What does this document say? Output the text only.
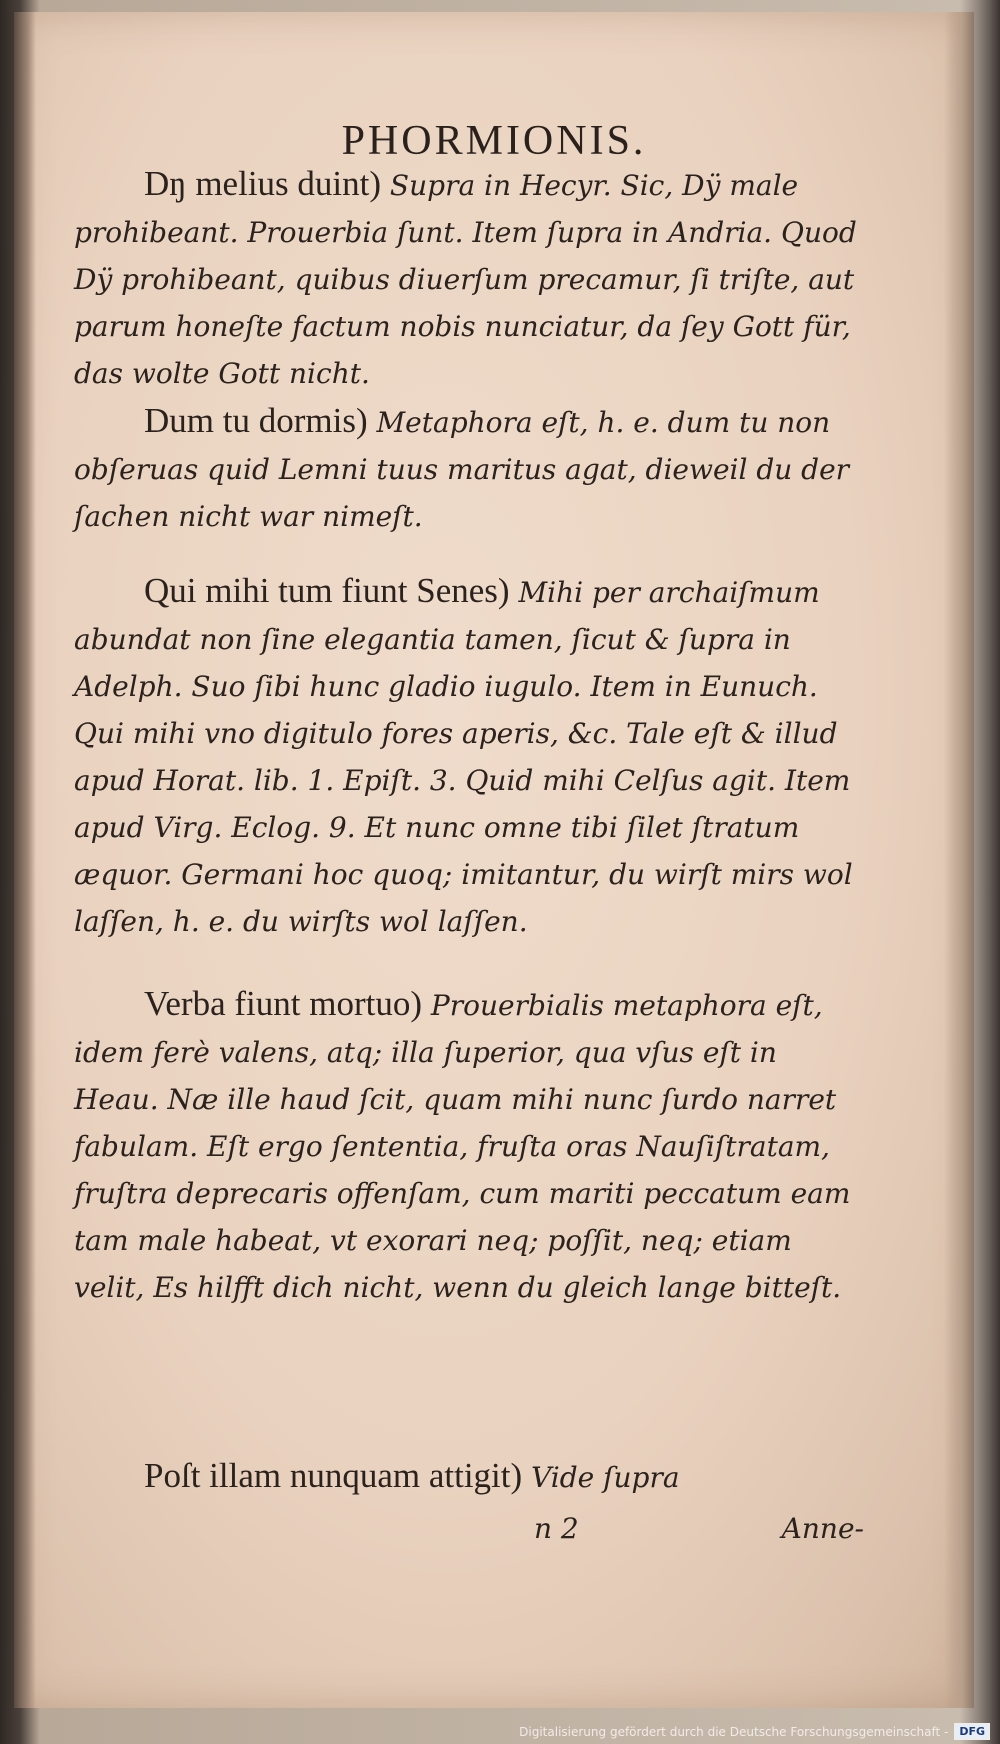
PHORMIONIS.

Dŋ melius duint) Supra in Hecyr. Sic, Dÿ male prohibeant. Prouerbia ſunt. Item ſupra in Andria. Quod Dÿ prohibeant, quibus diuerſum precamur, ſi triſte, aut parum honeſte factum nobis nunciatur, da ſey Gott für, das wolte Gott nicht.

Dum tu dormis) Metaphora eſt, h. e. dum tu non obſeruas quid Lemni tuus maritus agat, dieweil du der ſachen nicht war nimeſt.

Qui mihi tum fiunt Senes) Mihi per archaiſmum abundat non ſine elegantia tamen, ſicut & ſupra in Adelph. Suo ſibi hunc gladio iugulo. Item in Eunuch. Qui mihi vno digitulo fores aperis, &c. Tale eſt & illud apud Horat. lib. 1. Epiſt. 3. Quid mihi Celſus agit. Item apud Virg. Eclog. 9. Et nunc omne tibi ſilet ſtratum æquor. Germani hoc quoq; imitantur, du wirſt mirs wol laſſen, h. e. du wirſts wol laſſen.

Verba fiunt mortuo) Prouerbialis metaphora eſt, idem ferè valens, atq; illa ſuperior, qua vſus eſt in Heau. Næ ille haud ſcit, quam mihi nunc ſurdo narret fabulam. Eſt ergo ſententia, fruſta oras Nauſiſtratam, fruſtra deprecaris offenſam, cum mariti peccatum eam tam male habeat, vt exorari neq; poſſit, neq; etiam velit, Es hilfft dich nicht, wenn du gleich lange bitteſt.

Poſt illam nunquam attigit) Vide ſupra

n 2	Anne-
Digitalisierung gefördert durch die Deutsche Forschungsgemeinschaft -	DFG
